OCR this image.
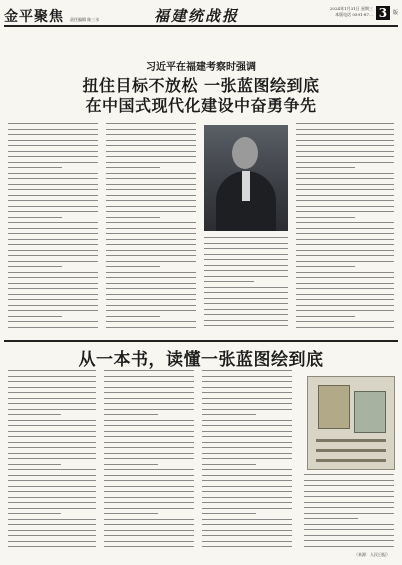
金平聚焦 责任编辑 陈三水	福建统战报	2024年1月31日 星期三
本版电话 0591-87… 3	版
习近平在福建考察时强调
扭住目标不放松 一张蓝图绘到底
在中国式现代化建设中奋勇争先
从一本书，读懂一张蓝图绘到底
（来源：人民日报）
